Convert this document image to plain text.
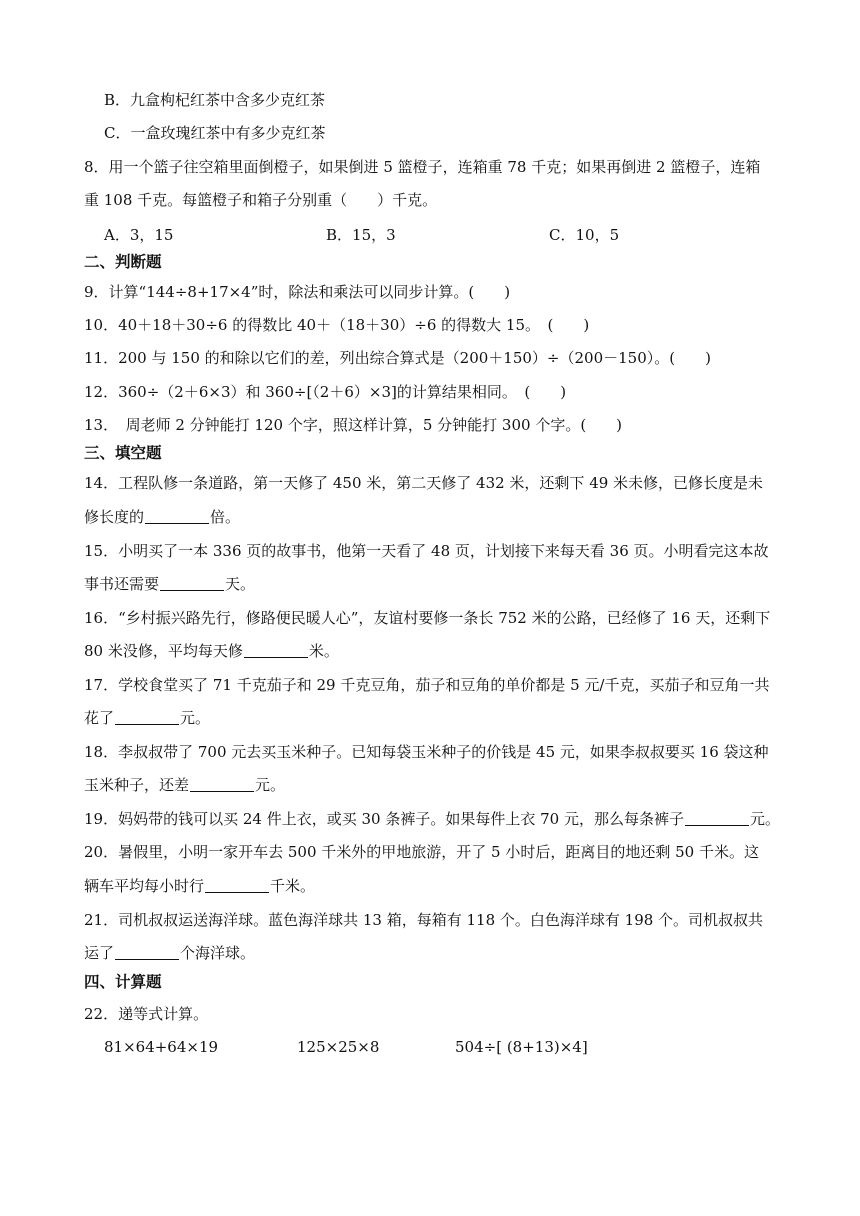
B．九盒枸杞红茶中含多少克红茶
C．一盒玫瑰红茶中有多少克红茶
8．用一个篮子往空箱里面倒橙子，如果倒进 5 篮橙子，连箱重 78 千克；如果再倒进 2 篮橙子，连箱
重 108 千克。每篮橙子和箱子分别重（　　）千克。
A．3，15	B．15，3	C．10，5
二、判断题
9．计算“144÷8+17×4”时，除法和乘法可以同步计算。(　　)
10．40＋18＋30÷6 的得数比 40＋（18＋30）÷6 的得数大 15。　(　　)
11．200 与 150 的和除以它们的差，列出综合算式是（200＋150）÷（200－150）。(　　)
12．360÷（2＋6×3）和 360÷[（2＋6）×3]的计算结果相同。　(　　)
13．　周老师 2 分钟能打 120 个字，照这样计算，5 分钟能打 300 个字。(　　)
三、填空题
14．工程队修一条道路，第一天修了 450 米，第二天修了 432 米，还剩下 49 米未修，已修长度是未
修长度的	倍。
15．小明买了一本 336 页的故事书，他第一天看了 48 页，计划接下来每天看 36 页。小明看完这本故
事书还需要	天。
16．“乡村振兴路先行，修路便民暖人心”，友谊村要修一条长 752 米的公路，已经修了 16 天，还剩下
80 米没修，平均每天修	米。
17．学校食堂买了 71 千克茄子和 29 千克豆角，茄子和豆角的单价都是 5 元/千克，买茄子和豆角一共
花了	元。
18．李叔叔带了 700 元去买玉米种子。已知每袋玉米种子的价钱是 45 元，如果李叔叔要买 16 袋这种
玉米种子，还差	元。
19．妈妈带的钱可以买 24 件上衣，或买 30 条裤子。如果每件上衣 70 元，那么每条裤子	元。
20．暑假里，小明一家开车去 500 千米外的甲地旅游，开了 5 小时后，距离目的地还剩 50 千米。这
辆车平均每小时行	千米。
21．司机叔叔运送海洋球。蓝色海洋球共 13 箱，每箱有 118 个。白色海洋球有 198 个。司机叔叔共
运了	个海洋球。
四、计算题
22．递等式计算。
81×64+64×19	125×25×8	504÷[ (8+13)×4]
